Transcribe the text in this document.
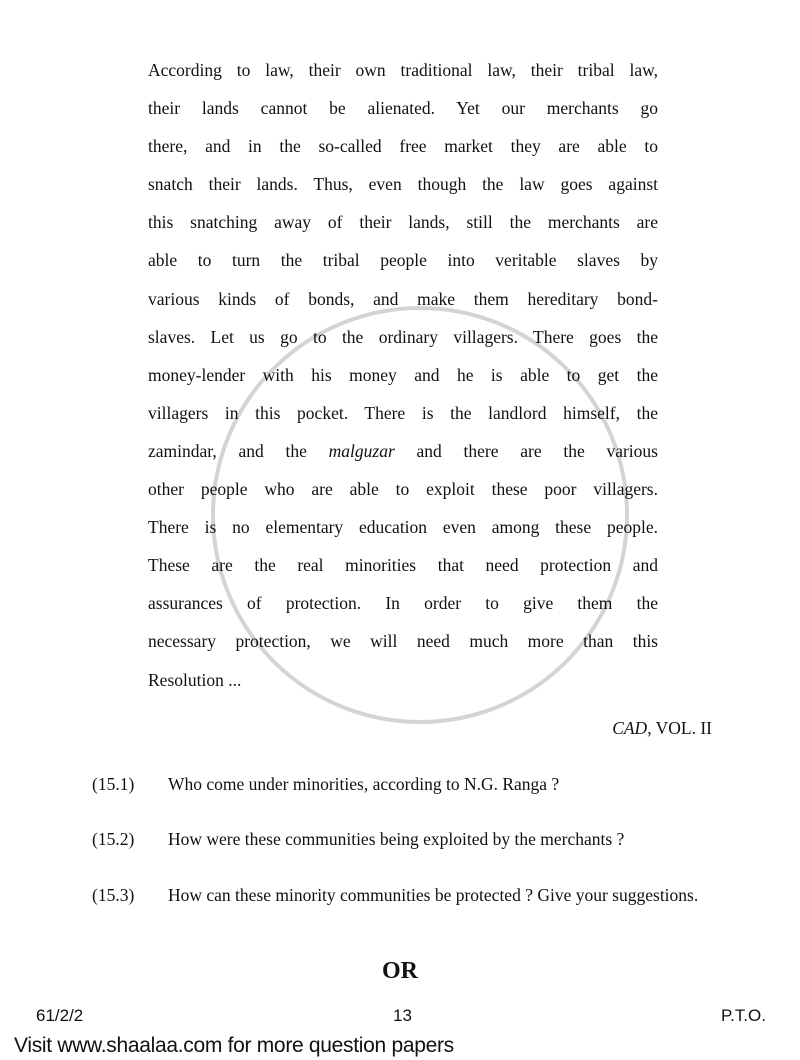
According to law, their own traditional law, their tribal law,
their lands cannot be alienated. Yet our merchants go
there, and in the so-called free market they are able to
snatch their lands. Thus, even though the law goes against
this snatching away of their lands, still the merchants are
able to turn the tribal people into veritable slaves by
various kinds of bonds, and make them hereditary bond-
slaves. Let us go to the ordinary villagers. There goes the
money-lender with his money and he is able to get the
villagers in this pocket. There is the landlord himself, the
zamindar, and the malguzar and there are the various
other people who are able to exploit these poor villagers.
There is no elementary education even among these people.
These are the real minorities that need protection and
assurances of protection. In order to give them the
necessary protection, we will need much more than this
Resolution ...
CAD, VOL. II
(15.1) Who come under minorities, according to N.G. Ranga ?
(15.2) How were these communities being exploited by the merchants ?
(15.3) How can these minority communities be protected ? Give your suggestions.
OR
61/2/2	13	P.T.O.
Visit www.shaalaa.com for more question papers
